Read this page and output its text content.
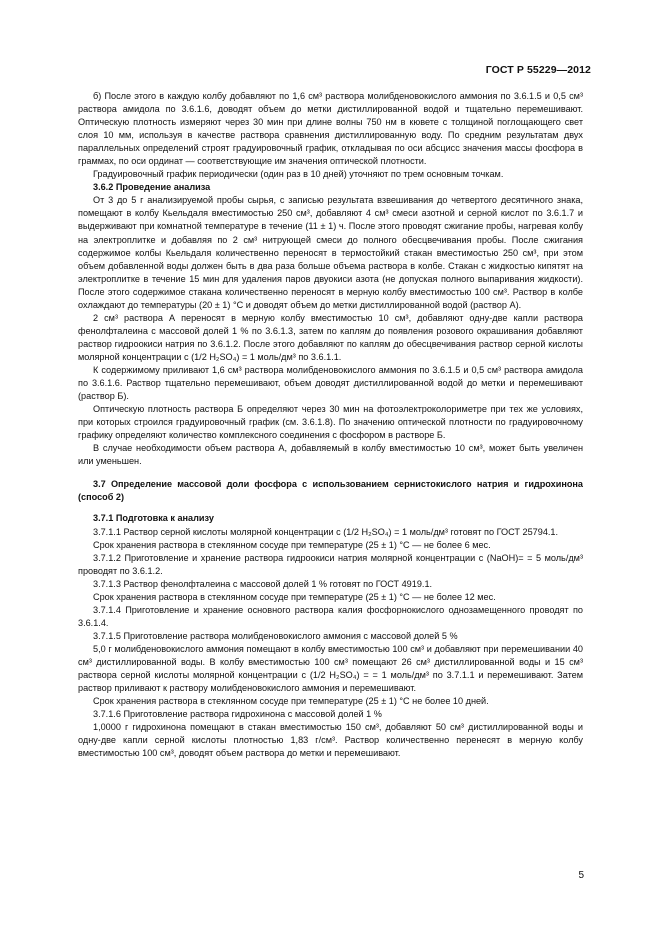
ГОСТ Р 55229—2012

б) После этого в каждую колбу добавляют по 1,6 см³ раствора молибденовокислого аммония по 3.6.1.5 и 0,5 см³ раствора амидола по 3.6.1.6, доводят объем до метки дистиллированной водой и тщательно перемешивают. Оптическую плотность измеряют через 30 мин при длине волны 750 нм в кювете с толщиной поглощающего свет слоя 10 мм, используя в качестве раствора сравнения дистиллированную воду. По средним результатам двух параллельных определений строят градуировочный график, откладывая по оси абсцисс значения массы фосфора в граммах, по оси ординат — соответствующие им значения оптической плотности.

Градуировочный график периодически (один раз в 10 дней) уточняют по трем основным точкам.

3.6.2 Проведение анализа

От 3 до 5 г анализируемой пробы сырья, с записью результата взвешивания до четвертого десятичного знака, помещают в колбу Кьельдаля вместимостью 250 см³, добавляют 4 см³ смеси азотной и серной кислот по 3.6.1.7 и выдерживают при комнатной температуре в течение (11 ± 1) ч. После этого проводят сжигание пробы, нагревая колбу на электроплитке и добавляя по 2 см³ нитрующей смеси до полного обесцвечивания пробы. После сжигания содержимое колбы Кьельдаля количественно переносят в термостойкий стакан вместимостью 250 см³, при этом объем добавленной воды должен быть в два раза больше объема раствора в колбе. Стакан с жидкостью кипятят на электроплитке в течение 15 мин для удаления паров двуокиси азота (не допуская полного выпаривания жидкости). После этого содержимое стакана количественно переносят в мерную колбу вместимостью 100 см³. Раствор в колбе охлаждают до температуры (20 ± 1) °С и доводят объем до метки дистиллированной водой (раствор А).

2 см³ раствора А переносят в мерную колбу вместимостью 10 см³, добавляют одну-две капли раствора фенолфталеина с массовой долей 1 % по 3.6.1.3, затем по каплям до появления розового окрашивания добавляют раствор гидроокиси натрия по 3.6.1.2. После этого добавляют по каплям до обесцвечивания раствор серной кислоты молярной концентрации с (1/2 H₂SO₄) = 1 моль/дм³ по 3.6.1.1.

К содержимому приливают 1,6 см³ раствора молибденовокислого аммония по 3.6.1.5 и 0,5 см³ раствора амидола по 3.6.1.6. Раствор тщательно перемешивают, объем доводят дистиллированной водой до метки и перемешивают (раствор Б).

Оптическую плотность раствора Б определяют через 30 мин на фотоэлектроколориметре при тех же условиях, при которых строился градуировочный график (см. 3.6.1.8). По значению оптической плотности по градуировочному графику определяют количество комплексного соединения с фосфором в растворе Б.

В случае необходимости объем раствора А, добавляемый в колбу вместимостью 10 см³, может быть увеличен или уменьшен.

3.7 Определение массовой доли фосфора с использованием сернистокислого натрия и гидрохинона (способ 2)

3.7.1 Подготовка к анализу

3.7.1.1 Раствор серной кислоты молярной концентрации с (1/2 H₂SO₄) = 1 моль/дм³ готовят по ГОСТ 25794.1.

Срок хранения раствора в стеклянном сосуде при температуре (25 ± 1) °С — не более 6 мес.

3.7.1.2 Приготовление и хранение раствора гидроокиси натрия молярной концентрации с (NaOH)= = 5 моль/дм³ проводят по 3.6.1.2.

3.7.1.3 Раствор фенолфталеина с массовой долей 1 % готовят по ГОСТ 4919.1.

Срок хранения раствора в стеклянном сосуде при температуре (25 ± 1) °С — не более 12 мес.

3.7.1.4 Приготовление и хранение основного раствора калия фосфорнокислого однозамещенного проводят по 3.6.1.4.

3.7.1.5 Приготовление раствора молибденовокислого аммония с массовой долей 5 %

5,0 г молибденовокислого аммония помещают в колбу вместимостью 100 см³ и добавляют при перемешивании 40 см³ дистиллированной воды. В колбу вместимостью 100 см³ помещают 26 см³ дистиллированной воды и 15 см³ раствора серной кислоты молярной концентрации с (1/2 H₂SO₄) = = 1 моль/дм³ по 3.7.1.1 и перемешивают. Затем раствор приливают к раствору молибденовокислого аммония и перемешивают.

Срок хранения раствора в стеклянном сосуде при температуре (25 ± 1) °С не более 10 дней.

3.7.1.6 Приготовление раствора гидрохинона с массовой долей 1 %

1,0000 г гидрохинона помещают в стакан вместимостью 150 см³, добавляют 50 см³ дистиллированной воды и одну-две капли серной кислоты плотностью 1,83 г/см³. Раствор количественно перенесят в мерную колбу вместимостью 100 см³, доводят объем раствора до метки и перемешивают.

5
